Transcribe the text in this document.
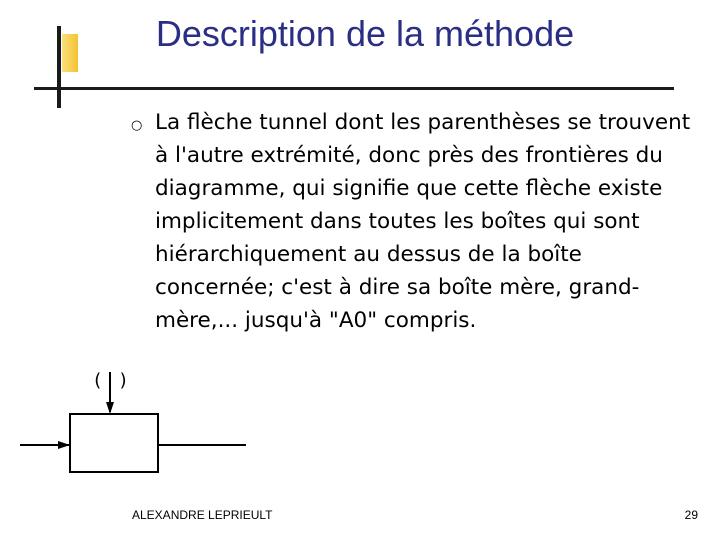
Description de la méthode
○ La flèche tunnel dont les parenthèses se trouvent à l'autre extrémité, donc près des frontières du diagramme, qui signifie que cette flèche existe implicitement dans toutes les boîtes qui sont hiérarchiquement au dessus de la boîte concernée; c'est à dire sa boîte mère, grand-mère,... jusqu'à "A0" compris.

( )
ALEXANDRE LEPRIEULT	29
